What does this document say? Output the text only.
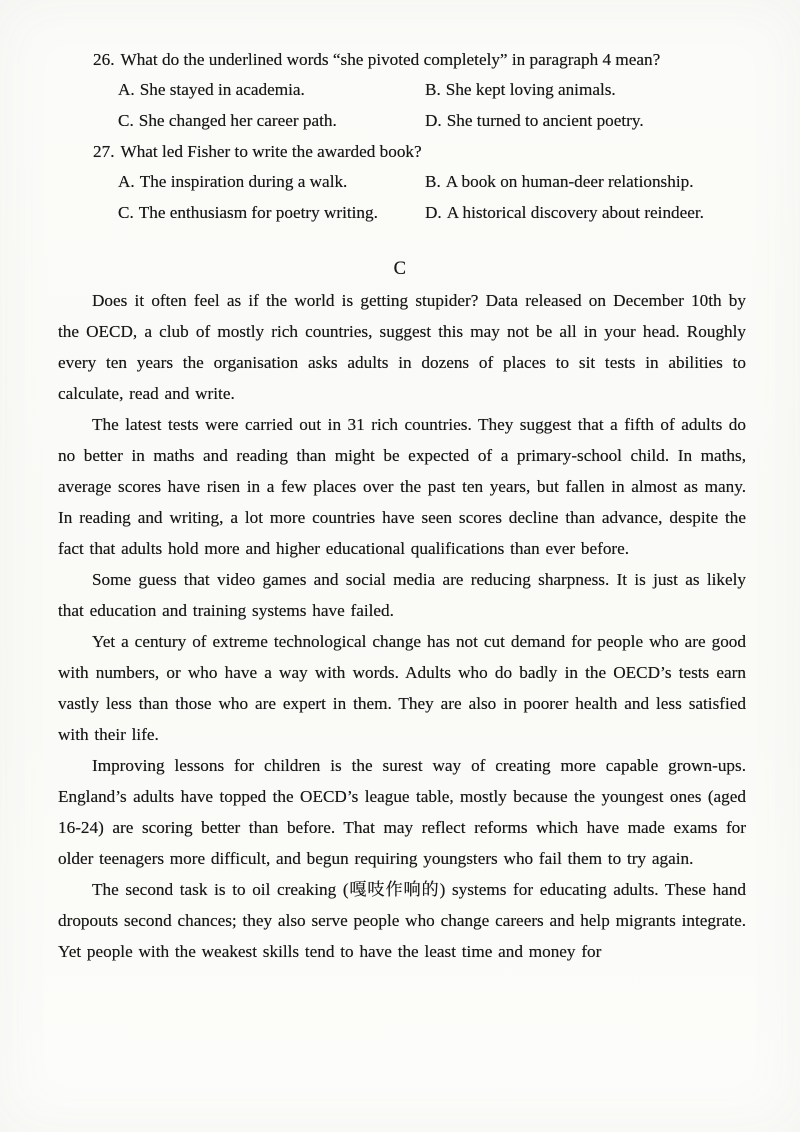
26. What do the underlined words “she pivoted completely” in paragraph 4 mean?
A. She stayed in academia.	B. She kept loving animals.
C. She changed her career path.	D. She turned to ancient poetry.
27. What led Fisher to write the awarded book?
A. The inspiration during a walk.	B. A book on human-deer relationship.
C. The enthusiasm for poetry writing.	D. A historical discovery about reindeer.
C

Does it often feel as if the world is getting stupider? Data released on December 10th by the OECD, a club of mostly rich countries, suggest this may not be all in your head. Roughly every ten years the organisation asks adults in dozens of places to sit tests in abilities to calculate, read and write.

The latest tests were carried out in 31 rich countries. They suggest that a fifth of adults do no better in maths and reading than might be expected of a primary-school child. In maths, average scores have risen in a few places over the past ten years, but fallen in almost as many. In reading and writing, a lot more countries have seen scores decline than advance, despite the fact that adults hold more and higher educational qualifications than ever before.

Some guess that video games and social media are reducing sharpness. It is just as likely that education and training systems have failed.

Yet a century of extreme technological change has not cut demand for people who are good with numbers, or who have a way with words. Adults who do badly in the OECD’s tests earn vastly less than those who are expert in them. They are also in poorer health and less satisfied with their life.

Improving lessons for children is the surest way of creating more capable grown-ups. England’s adults have topped the OECD’s league table, mostly because the youngest ones (aged 16-24) are scoring better than before. That may reflect reforms which have made exams for older teenagers more difficult, and begun requiring youngsters who fail them to try again.

The second task is to oil creaking (嘎吱作响的) systems for educating adults. These hand dropouts second chances; they also serve people who change careers and help migrants integrate. Yet people with the weakest skills tend to have the least time and money for
